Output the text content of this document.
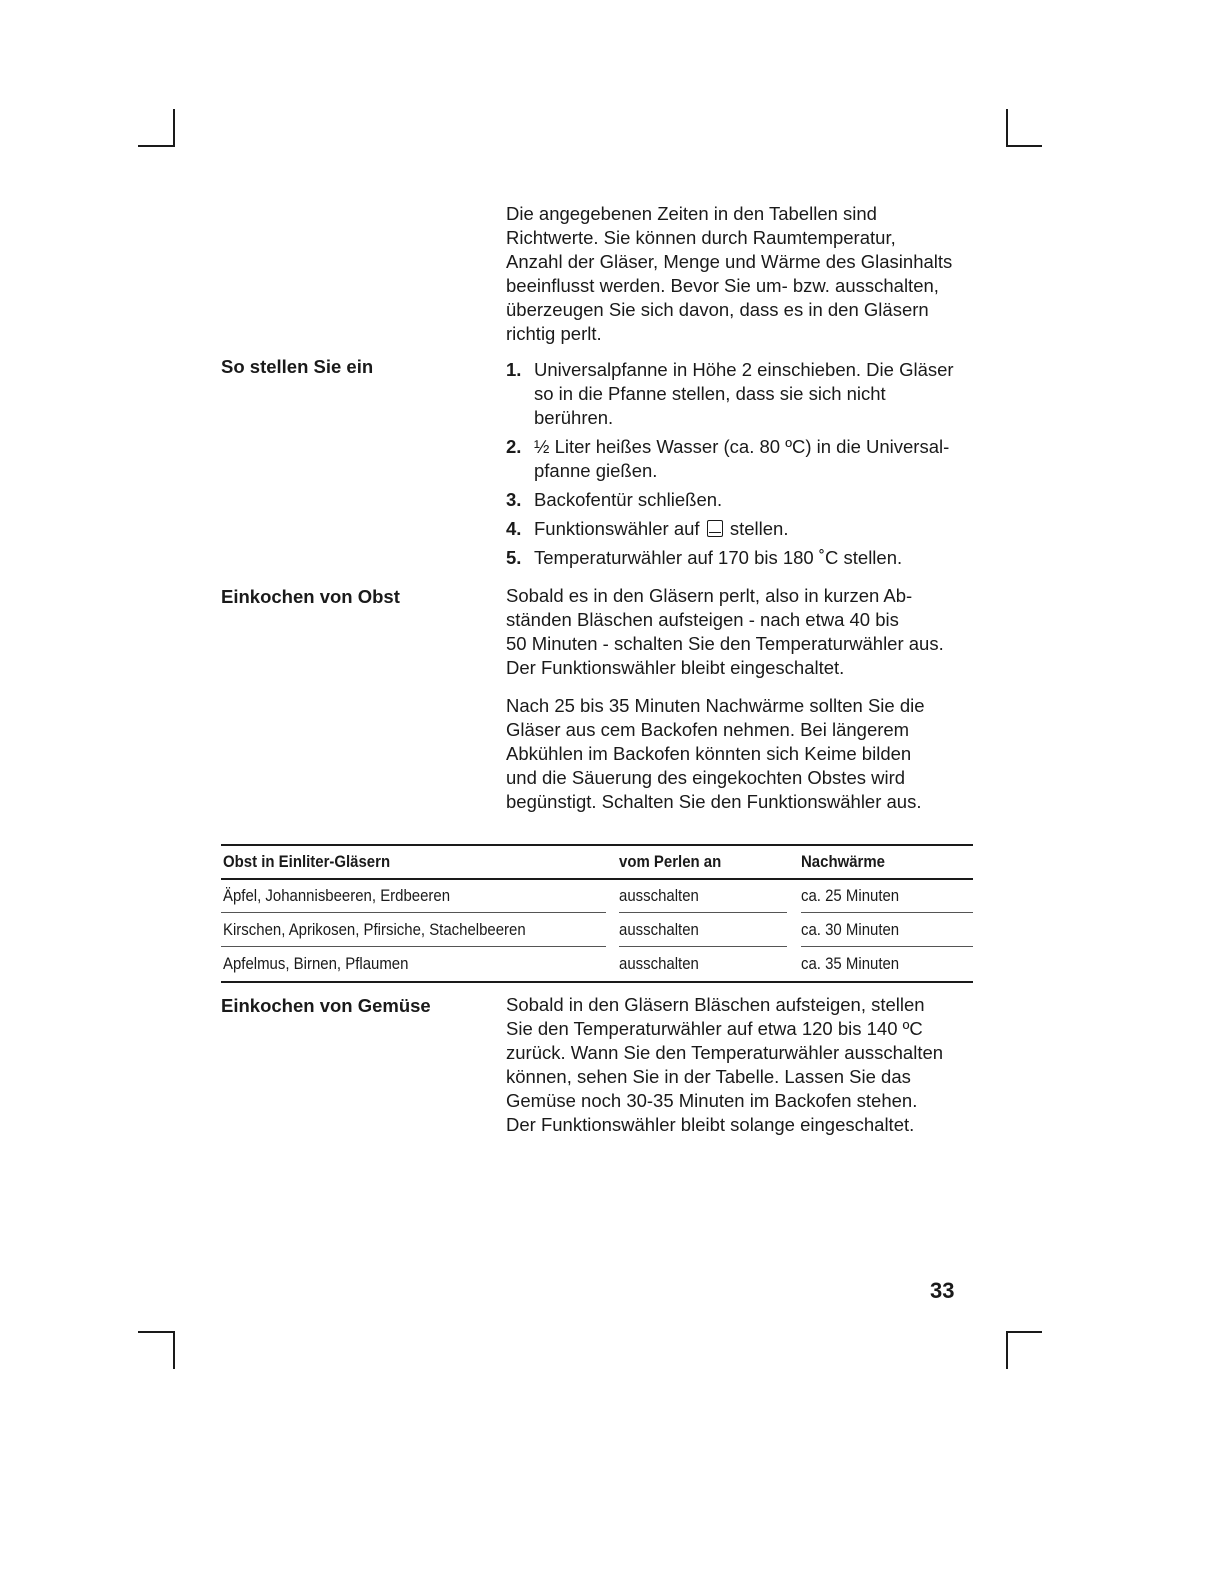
Die angegebenen Zeiten in den Tabellen sind
Richtwerte. Sie können durch Raumtemperatur,
Anzahl der Gläser, Menge und Wärme des Glasinhalts
beeinflusst werden. Bevor Sie um- bzw. ausschalten,
überzeugen Sie sich davon, dass es in den Gläsern
richtig perlt.
So stellen Sie ein	1. Universalpfanne in Höhe 2 einschieben. Die Gläser
so in die Pfanne stellen, dass sie sich nicht
berühren.
2. ½ Liter heißes Wasser (ca. 80 ºC) in die Universal-
pfanne gießen.
3. Backofentür schließen.
4. Funktionswähler auf stellen.
5. Temperaturwähler auf 170 bis 180 ˚C stellen.
Einkochen von Obst	Sobald es in den Gläsern perlt, also in kurzen Ab-
ständen Bläschen aufsteigen - nach etwa 40 bis
50 Minuten - schalten Sie den Temperaturwähler aus.
Der Funktionswähler bleibt eingeschaltet.
Nach 25 bis 35 Minuten Nachwärme sollten Sie die
Gläser aus cem Backofen nehmen. Bei längerem
Abkühlen im Backofen könnten sich Keime bilden
und die Säuerung des eingekochten Obstes wird
begünstigt. Schalten Sie den Funktionswähler aus.
Obst in Einliter-Gläsern	vom Perlen an	Nachwärme
Äpfel, Johannisbeeren, Erdbeeren	ausschalten	ca. 25 Minuten
Kirschen, Aprikosen, Pfirsiche, Stachelbeeren	ausschalten	ca. 30 Minuten
Apfelmus, Birnen, Pflaumen	ausschalten	ca. 35 Minuten
Einkochen von Gemüse	Sobald in den Gläsern Bläschen aufsteigen, stellen
Sie den Temperaturwähler auf etwa 120 bis 140 ºC
zurück. Wann Sie den Temperaturwähler ausschalten
können, sehen Sie in der Tabelle. Lassen Sie das
Gemüse noch 30-35 Minuten im Backofen stehen.
Der Funktionswähler bleibt solange eingeschaltet.
33
